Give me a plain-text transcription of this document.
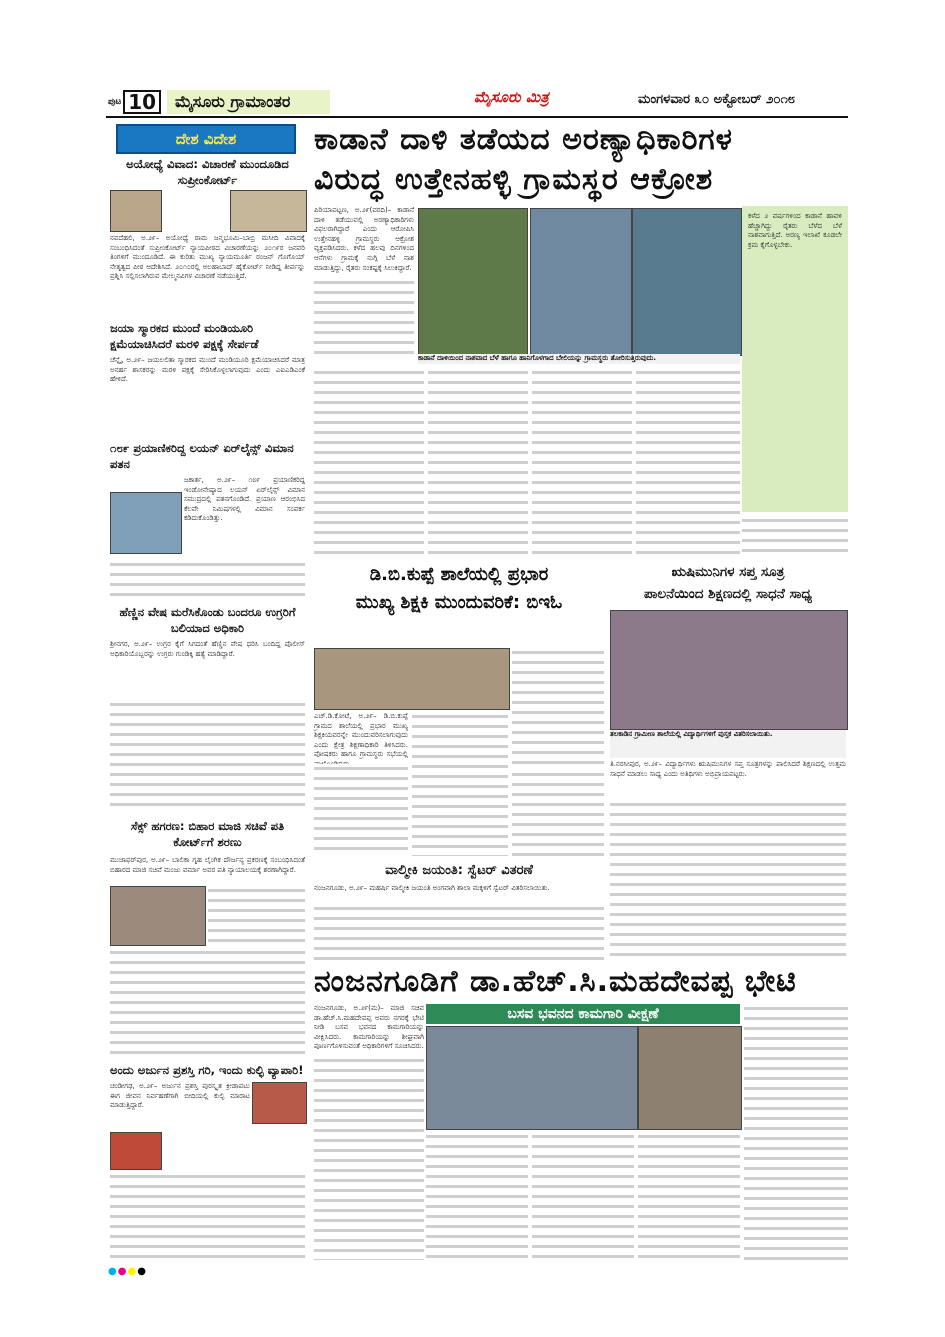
ಪುಟ 10	ಮೈಸೂರು ಗ್ರಾಮಾಂತರ	ಮೈಸೂರು ಮಿತ್ರ	ಮಂಗಳವಾರ ೩೦ ಅಕ್ಟೋಬರ್ ೨೦೧೮
ದೇಶ ವಿದೇಶ
ಅಯೋಧ್ಯೆ ವಿವಾದ: ವಿಚಾರಣೆ ಮುಂದೂಡಿದ ಸುಪ್ರೀಂಕೋರ್ಟ್
ನವದೆಹಲಿ, ಅ.೨೯– ಅಯೋಧ್ಯೆ ರಾಮ ಜನ್ಮಭೂಮಿ–ಬಾಬ್ರಿ ಮಸೀದಿ ವಿವಾದಕ್ಕೆ ಸಂಬಂಧಿಸಿದಂತೆ ಸುಪ್ರೀಂಕೋರ್ಟ್ ನ್ಯಾಯಪೀಠದ ವಿಚಾರಣೆಯನ್ನು ೨೦೧೯ರ ಜನವರಿ ತಿಂಗಳಿಗೆ ಮುಂದೂಡಿದೆ. ಈ ಕುರಿತು ಮುಖ್ಯ ನ್ಯಾಯಮೂರ್ತಿ ರಂಜನ್ ಗೊಗೊಯ್ ನೇತೃತ್ವದ ಪೀಠ ಆದೇಶಿಸಿದೆ. ೨೦೧೦ರಲ್ಲಿ ಅಲಹಾಬಾದ್ ಹೈಕೋರ್ಟ್ ನೀಡಿದ್ದ ತೀರ್ಪನ್ನು ಪ್ರಶ್ನಿಸಿ ಸಲ್ಲಿಸಲಾಗಿರುವ ಮೇಲ್ಮನವಿಗಳ ವಿಚಾರಣೆ ನಡೆಯುತ್ತಿದೆ.
ಜಯಾ ಸ್ಮಾರಕದ ಮುಂದೆ ಮಂಡಿಯೂರಿ ಕ್ಷಮೆಯಾಚಿಸಿದರೆ ಮರಳಿ ಪಕ್ಷಕ್ಕೆ ಸೇರ್ಪಡೆ
ಚೆನ್ನೈ, ಅ.೨೯– ಜಯಲಲಿತಾ ಸ್ಮಾರಕದ ಮುಂದೆ ಮಂಡಿಯೂರಿ ಕ್ಷಮೆಯಾಚಿಸಿದರೆ ಮಾತ್ರ ಅನರ್ಹ ಶಾಸಕರನ್ನು ಮರಳಿ ಪಕ್ಷಕ್ಕೆ ಸೇರಿಸಿಕೊಳ್ಳಲಾಗುವುದು ಎಂದು ಎಐಎಡಿಎಂಕೆ ಹೇಳಿದೆ.
೧೮೯ ಪ್ರಯಾಣಿಕರಿದ್ದ ಲಯನ್ ಏರ್‌ಲೈನ್ಸ್ ವಿಮಾನ ಪತನ
ಜಕಾರ್ತ, ಅ.೨೯– ೧೮೯ ಪ್ರಯಾಣಿಕರಿದ್ದ ಇಂಡೋನೇಷ್ಯಾದ ಲಯನ್ ಏರ್‌ಲೈನ್ಸ್ ವಿಮಾನ ಸಮುದ್ರದಲ್ಲಿ ಪತನಗೊಂಡಿದೆ. ಪ್ರಯಾಣ ಆರಂಭಿಸಿದ ಕೆಲವೇ ನಿಮಿಷಗಳಲ್ಲಿ ವಿಮಾನ ಸಂಪರ್ಕ ಕಡಿದುಕೊಂಡಿತ್ತು.
ಹೆಣ್ಣಿನ ವೇಷ ಮರೆಸಿಕೊಂಡು ಬಂದರೂ ಉಗ್ರರಿಗೆ ಬಲಿಯಾದ ಅಧಿಕಾರಿ
ಶ್ರೀನಗರ, ಅ.೨೯– ಉಗ್ರರ ಕೈಗೆ ಸಿಗದಂತೆ ಹೆಣ್ಣಿನ ವೇಷ ಧರಿಸಿ ಬಂದಿದ್ದ ಪೊಲೀಸ್ ಅಧಿಕಾರಿಯೊಬ್ಬರನ್ನು ಉಗ್ರರು ಗುಂಡಿಕ್ಕಿ ಹತ್ಯೆ ಮಾಡಿದ್ದಾರೆ.
ಸೆಕ್ಸ್ ಹಗರಣ: ಬಿಹಾರ ಮಾಜಿ ಸಚಿವೆ ಪತಿ ಕೋರ್ಟ್‌ಗೆ ಶರಣು
ಮುಜಾಫರ್‌ಪುರ, ಅ.೨೯– ಬಾಲಿಕಾ ಗೃಹ ಲೈಂಗಿಕ ದೌರ್ಜನ್ಯ ಪ್ರಕರಣಕ್ಕೆ ಸಂಬಂಧಿಸಿದಂತೆ ಬಿಹಾರದ ಮಾಜಿ ಸಚಿವೆ ಮಂಜು ವರ್ಮಾ ಅವರ ಪತಿ ನ್ಯಾಯಾಲಯಕ್ಕೆ ಶರಣಾಗಿದ್ದಾರೆ.
ಅಂದು ಅರ್ಜುನ ಪ್ರಶಸ್ತಿ ಗರಿ, ಇಂದು ಕುಲ್ಫಿ ವ್ಯಾಪಾರಿ!
ಚಂಡೀಗಢ, ಅ.೨೯– ಅರ್ಜುನ ಪ್ರಶಸ್ತಿ ಪುರಸ್ಕೃತ ಕ್ರೀಡಾಪಟು ಈಗ ಜೀವನ ನಿರ್ವಹಣೆಗಾಗಿ ಬೀದಿಯಲ್ಲಿ ಕುಲ್ಫಿ ಮಾರಾಟ ಮಾಡುತ್ತಿದ್ದಾರೆ.
ಕಾಡಾನೆ ದಾಳಿ ತಡೆಯದ ಅರಣ್ಯಾಧಿಕಾರಿಗಳ
ವಿರುದ್ಧ ಉತ್ತೇನಹಳ್ಳಿ ಗ್ರಾಮಸ್ಥರ ಆಕ್ರೋಶ
ಪಿರಿಯಾಪಟ್ಟಣ, ಅ.೨೯(ವರದಿ)– ಕಾಡಾನೆ ದಾಳಿ ತಡೆಯುವಲ್ಲಿ ಅರಣ್ಯಾಧಿಕಾರಿಗಳು ವಿಫಲರಾಗಿದ್ದಾರೆ ಎಂದು ಆರೋಪಿಸಿ ಉತ್ತೇನಹಳ್ಳಿ ಗ್ರಾಮಸ್ಥರು ಆಕ್ರೋಶ ವ್ಯಕ್ತಪಡಿಸಿದರು. ಕಳೆದ ಹಲವು ದಿನಗಳಿಂದ ಆನೆಗಳು ಗ್ರಾಮಕ್ಕೆ ನುಗ್ಗಿ ಬೆಳೆ ನಾಶ ಮಾಡುತ್ತಿದ್ದು, ರೈತರು ಸಂಕಷ್ಟಕ್ಕೆ ಸಿಲುಕಿದ್ದಾರೆ.
ಕಾಡಾನೆ ದಾಳಿಯಿಂದ ನಾಶವಾದ ಬೆಳೆ ಹಾಗೂ ಹಾನಿಗೊಳಗಾದ ಬೇಲಿಯನ್ನು ಗ್ರಾಮಸ್ಥರು ತೋರಿಸುತ್ತಿರುವುದು.
ಕಳೆದ ೨ ವರ್ಷಗಳಿಂದ ಕಾಡಾನೆ ಹಾವಳಿ ಹೆಚ್ಚಾಗಿದ್ದು ರೈತರು ಬೆಳೆದ ಬೆಳೆ ನಾಶವಾಗುತ್ತಿದೆ. ಅರಣ್ಯ ಇಲಾಖೆ ಕೂಡಲೇ ಕ್ರಮ ಕೈಗೊಳ್ಳಬೇಕು.
ಡಿ.ಬಿ.ಕುಪ್ಪೆ ಶಾಲೆಯಲ್ಲಿ ಪ್ರಭಾರ
ಮುಖ್ಯ ಶಿಕ್ಷಕಿ ಮುಂದುವರಿಕೆ: ಬಿಇಓ
ಎಚ್.ಡಿ.ಕೋಟೆ, ಅ.೨೯– ಡಿ.ಬಿ.ಕುಪ್ಪೆ ಗ್ರಾಮದ ಶಾಲೆಯಲ್ಲಿ ಪ್ರಭಾರ ಮುಖ್ಯ ಶಿಕ್ಷಕಿಯವರನ್ನೇ ಮುಂದುವರಿಸಲಾಗುವುದು ಎಂದು ಕ್ಷೇತ್ರ ಶಿಕ್ಷಣಾಧಿಕಾರಿ ತಿಳಿಸಿದರು. ಪೋಷಕರು ಹಾಗೂ ಗ್ರಾಮಸ್ಥರು ಸಭೆಯಲ್ಲಿ
ಋಷಿಮುನಿಗಳ ಸಪ್ತ ಸೂತ್ರ
ಪಾಲನೆಯಿಂದ ಶಿಕ್ಷಣದಲ್ಲಿ ಸಾಧನೆ ಸಾಧ್ಯ
ತಲಕಾಡಿನ ಗ್ರಾಮೀಣ ಶಾಲೆಯಲ್ಲಿ ವಿದ್ಯಾರ್ಥಿಗಳಿಗೆ ಪುಸ್ತಕ ವಿತರಿಸಲಾಯಿತು.
ತಿ.ನರಸೀಪುರ, ಅ.೨೯– ವಿದ್ಯಾರ್ಥಿಗಳು ಋಷಿಮುನಿಗಳ ಸಪ್ತ ಸೂತ್ರಗಳನ್ನು ಪಾಲಿಸಿದರೆ ಶಿಕ್ಷಣದಲ್ಲಿ ಉತ್ತಮ ಸಾಧನೆ ಮಾಡಲು ಸಾಧ್ಯ ಎಂದು ಅತಿಥಿಗಳು ಅಭಿಪ್ರಾಯಪಟ್ಟರು.
ವಾಲ್ಮೀಕಿ ಜಯಂತಿ: ಸ್ವೆಟರ್ ವಿತರಣೆ
ನಂಜನಗೂಡು, ಅ.೨೯– ಮಹರ್ಷಿ ವಾಲ್ಮೀಕಿ ಜಯಂತಿ ಅಂಗವಾಗಿ ಶಾಲಾ ಮಕ್ಕಳಿಗೆ ಸ್ವೆಟರ್ ವಿತರಿಸಲಾಯಿತು.
ನಂಜನಗೂಡಿಗೆ ಡಾ.ಹೆಚ್.ಸಿ.ಮಹದೇವಪ್ಪ ಭೇಟಿ
ನಂಜನಗೂಡು, ಅ.೨೯(ಮ)– ಮಾಜಿ ಸಚಿವ ಡಾ.ಹೆಚ್.ಸಿ.ಮಹದೇವಪ್ಪ ಅವರು ನಗರಕ್ಕೆ ಭೇಟಿ ನೀಡಿ ಬಸವ ಭವನದ ಕಾಮಗಾರಿಯನ್ನು ವೀಕ್ಷಿಸಿದರು. ಕಾಮಗಾರಿಯನ್ನು ಶೀಘ್ರವಾಗಿ ಪೂರ್ಣಗೊಳಿಸುವಂತೆ ಅಧಿಕಾರಿಗಳಿಗೆ ಸೂಚಿಸಿದರು.
ಬಸವ ಭವನದ ಕಾಮಗಾರಿ ವೀಕ್ಷಣೆ
●●●●
